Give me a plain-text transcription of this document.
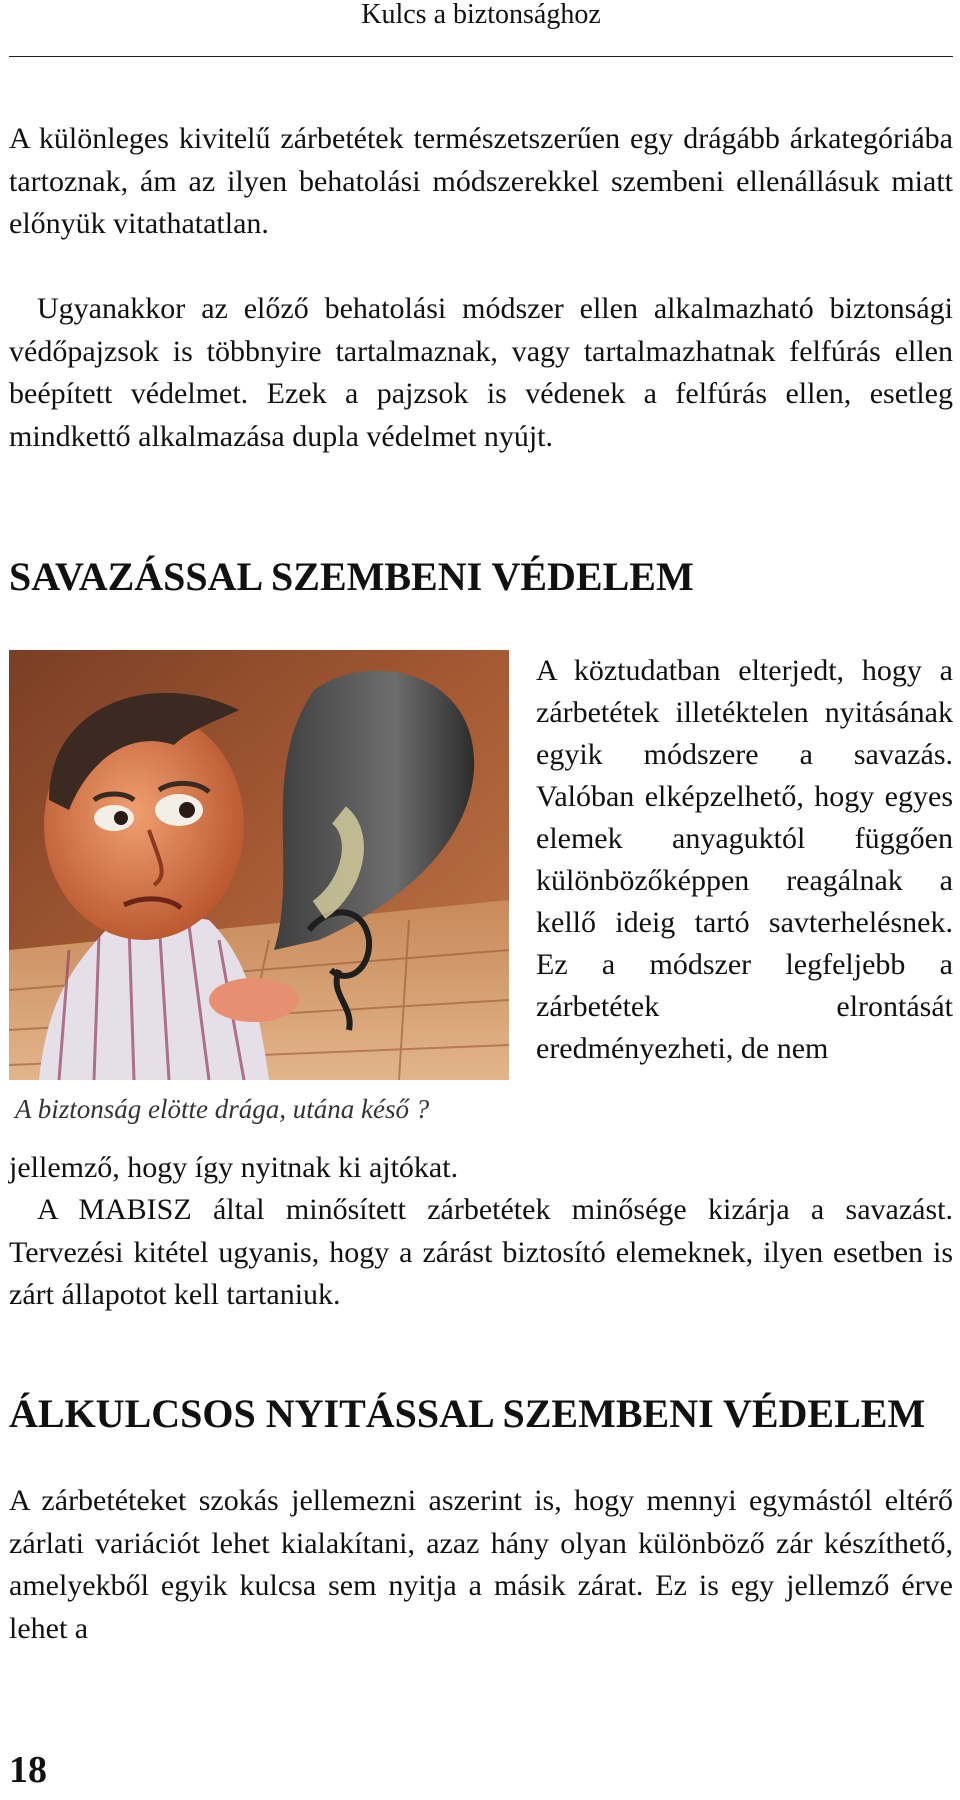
Kulcs a biztonsághoz

A különleges kivitelű zárbetétek természetszerűen egy drágább árkategóriába tartoznak, ám az ilyen behatolási módszerekkel szembeni ellenállásuk miatt előnyük vitathatatlan.

Ugyanakkor az előző behatolási módszer ellen alkalmazható biztonsági védőpajzsok is többnyire tartalmaznak, vagy tartalmazhatnak felfúrás ellen beépített védelmet. Ezek a pajzsok is védenek a felfúrás ellen, esetleg mindkettő alkalmazása dupla védelmet nyújt.

SAVAZÁSSAL SZEMBENI VÉDELEM
A biztonság elötte drága, utána késő ?

A köztudatban elterjedt, hogy a zárbetétek illetéktelen nyitásának egyik módszere a savazás. Valóban elképzelhető, hogy egyes elemek anyaguktól függően különbözőképpen reagálnak a kellő ideig tartó savterhelésnek. Ez a módszer legfeljebb a zárbetétek elrontását eredményezheti, de nem

jellemző, hogy így nyitnak ki ajtókat.

A MABISZ által minősített zárbetétek minősége kizárja a savazást. Tervezési kitétel ugyanis, hogy a zárást biztosító elemeknek, ilyen esetben is zárt állapotot kell tartaniuk.

ÁLKULCSOS NYITÁSSAL SZEMBENI VÉDELEM

A zárbetéteket szokás jellemezni aszerint is, hogy mennyi egymástól eltérő zárlati variációt lehet kialakítani, azaz hány olyan különböző zár készíthető, amelyekből egyik kulcsa sem nyitja a másik zárat. Ez is egy jellemző érve lehet a

18
